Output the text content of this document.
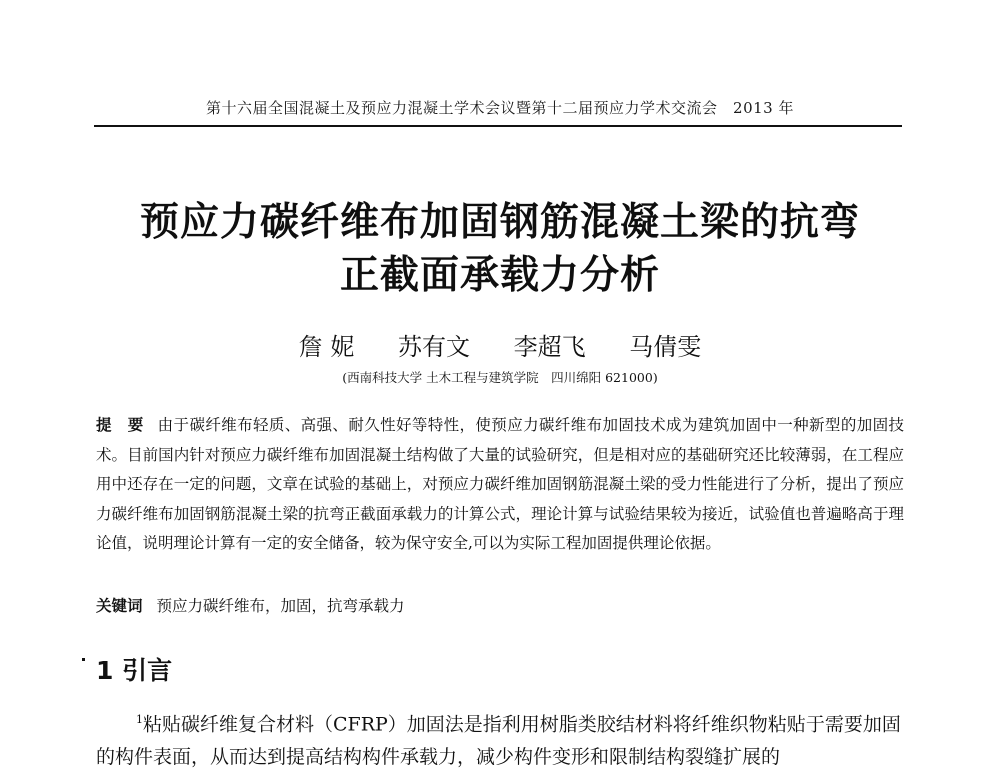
第十六届全国混凝土及预应力混凝土学术会议暨第十二届预应力学术交流会　2013 年
预应力碳纤维布加固钢筋混凝土梁的抗弯
正截面承载力分析
詹 妮 苏有文 李超飞 马倩雯
(西南科技大学 土木工程与建筑学院　四川绵阳 621000)
提　要 由于碳纤维布轻质、高强、耐久性好等特性，使预应力碳纤维布加固技术成为建筑加固中一种新型的加固技术。目前国内针对预应力碳纤维布加固混凝土结构做了大量的试验研究，但是相对应的基础研究还比较薄弱，在工程应用中还存在一定的问题，文章在试验的基础上，对预应力碳纤维加固钢筋混凝土梁的受力性能进行了分析，提出了预应力碳纤维布加固钢筋混凝土梁的抗弯正截面承载力的计算公式，理论计算与试验结果较为接近，试验值也普遍略高于理论值，说明理论计算有一定的安全储备，较为保守安全,可以为实际工程加固提供理论依据。
关键词 预应力碳纤维布，加固，抗弯承载力
1 引言
$^1$粘贴碳纤维复合材料（CFRP）加固法是指利用树脂类胶结材料将纤维织物粘贴于需要加固的构件表面，从而达到提高结构构件承载力，减少构件变形和限制结构裂缝扩展的
